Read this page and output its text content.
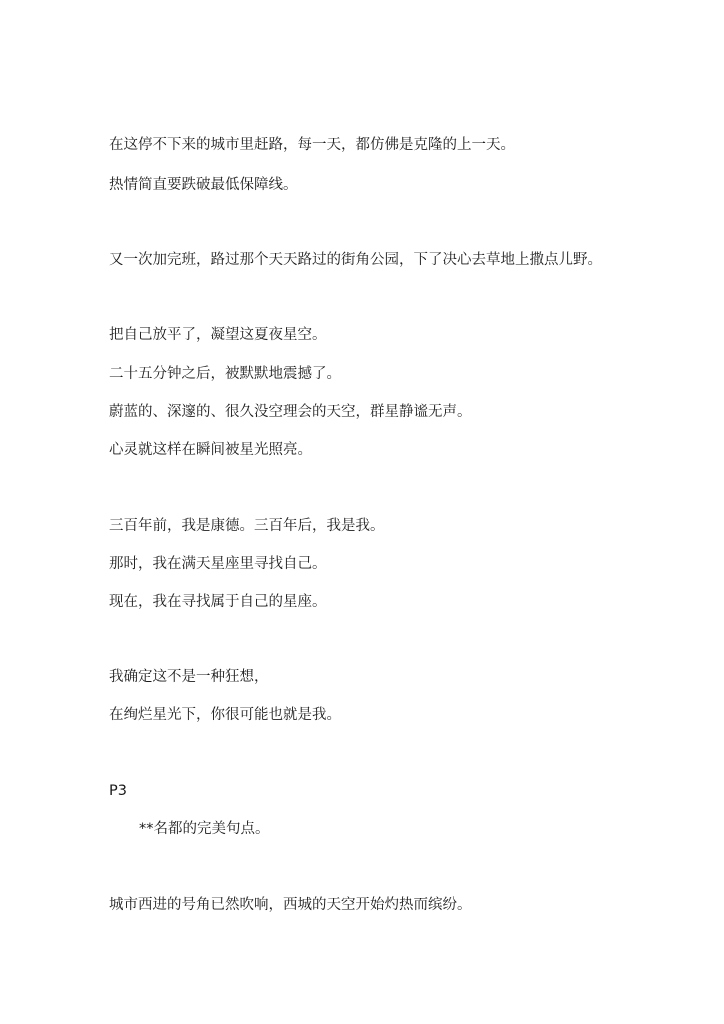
在这停不下来的城市里赶路，每一天，都仿佛是克隆的上一天。
热情简直要跌破最低保障线。
又一次加完班，路过那个天天路过的街角公园，下了决心去草地上撒点儿野。
把自己放平了，凝望这夏夜星空。
二十五分钟之后，被默默地震撼了。
蔚蓝的、深邃的、很久没空理会的天空，群星静谧无声。
心灵就这样在瞬间被星光照亮。
三百年前，我是康德。三百年后，我是我。
那时，我在满天星座里寻找自己。
现在，我在寻找属于自己的星座。
我确定这不是一种狂想，
在绚烂星光下，你很可能也就是我。
P3
**名都的完美句点。
城市西进的号角已然吹响，西城的天空开始灼热而缤纷。
